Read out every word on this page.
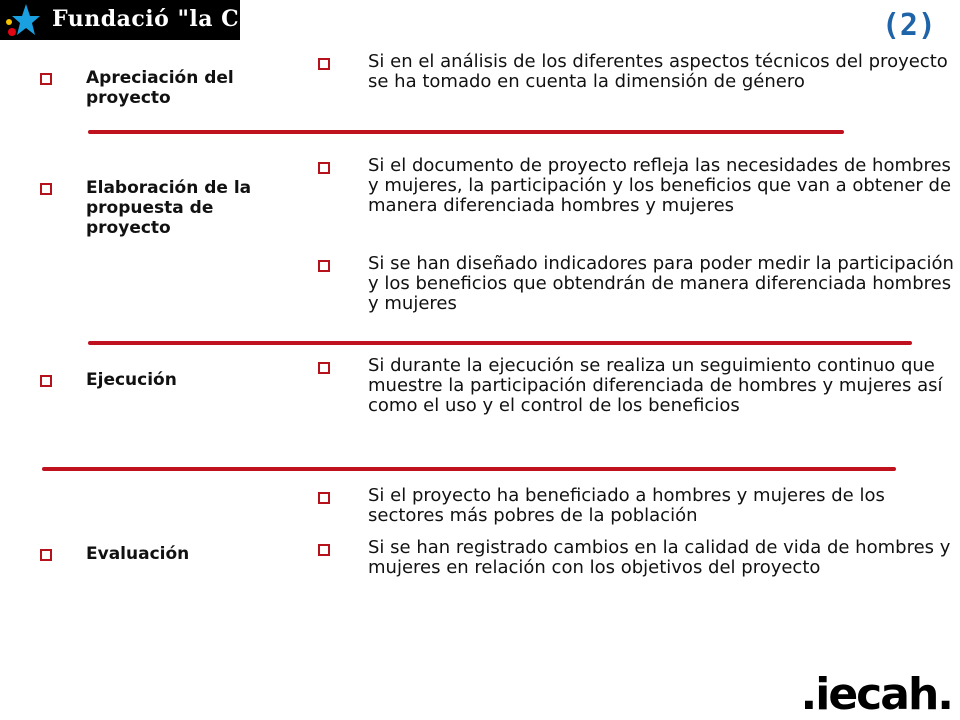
Fundació "la Caixa"	(2)
Apreciación del proyecto
Elaboración de la propuesta de proyecto
Ejecución
Evaluación
Si en el análisis de los diferentes aspectos técnicos del proyecto se ha tomado en cuenta la dimensión de género
Si el documento de proyecto refleja las necesidades de hombres y mujeres, la participación y los beneficios que van a obtener de manera diferenciada hombres y mujeres
Si se han diseñado indicadores para poder medir la participación y los beneficios que obtendrán de manera diferenciada hombres y mujeres
Si durante la ejecución se realiza un seguimiento continuo que muestre la participación diferenciada de hombres y mujeres así como el uso y el control de los beneficios
Si el proyecto ha beneficiado a hombres y mujeres de los sectores más pobres de la población
Si se han registrado cambios en la calidad de vida de hombres y mujeres en relación con los objetivos del proyecto
.iecah.
